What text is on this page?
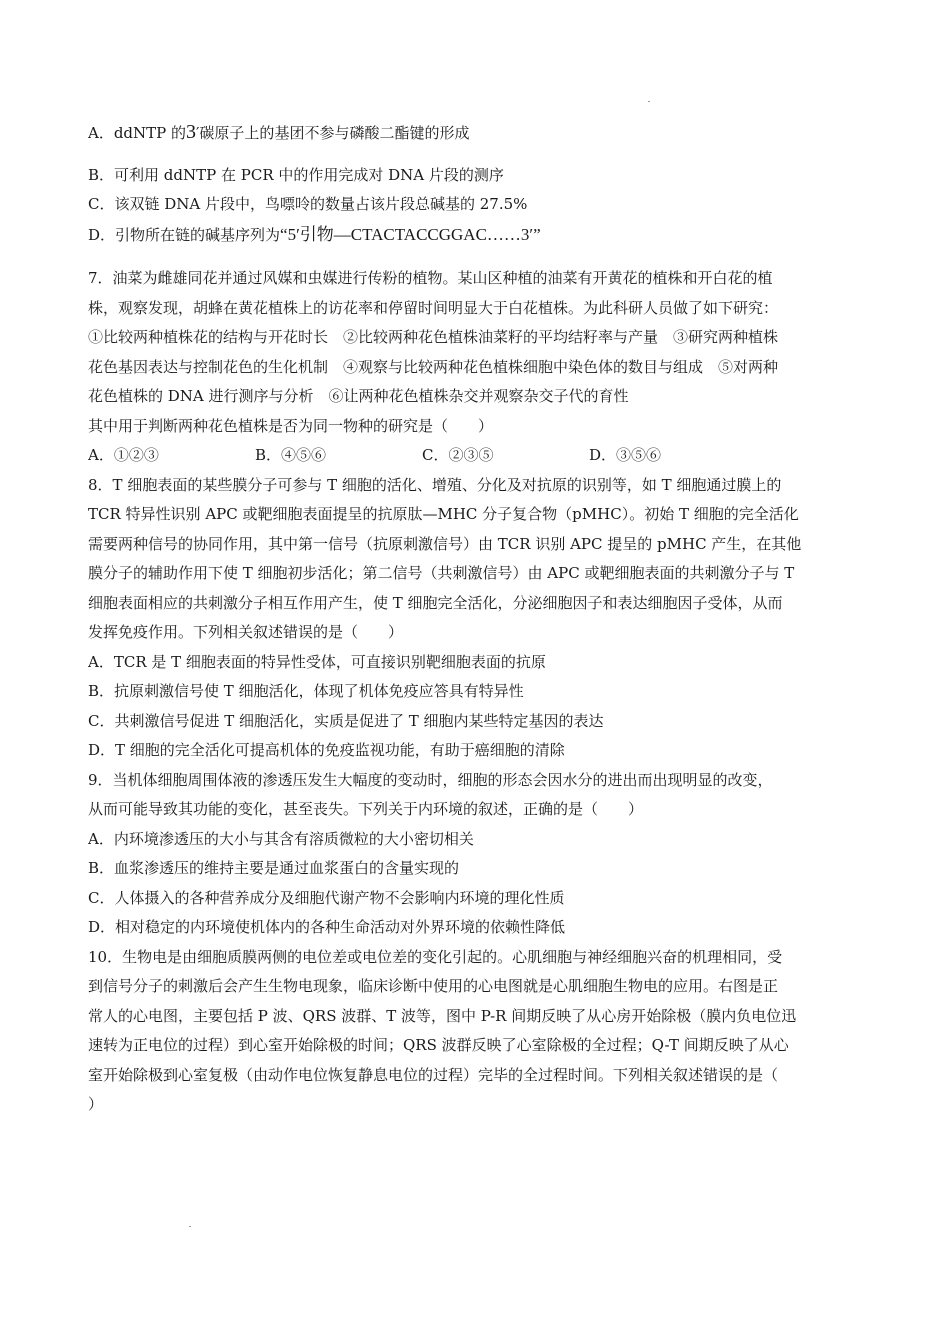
A．ddNTP 的3′碳原子上的基团不参与磷酸二酯键的形成
B．可利用 ddNTP 在 PCR 中的作用完成对 DNA 片段的测序
C．该双链 DNA 片段中，鸟嘌呤的数量占该片段总碱基的 27.5%
D．引物所在链的碱基序列为“5′引物—CTACTACCGGAC……3′”
7．油菜为雌雄同花并通过风媒和虫媒进行传粉的植物。某山区种植的油菜有开黄花的植株和开白花的植
株，观察发现，胡蜂在黄花植株上的访花率和停留时间明显大于白花植株。为此科研人员做了如下研究：
①比较两种植株花的结构与开花时长　②比较两种花色植株油菜籽的平均结籽率与产量　③研究两种植株
花色基因表达与控制花色的生化机制　④观察与比较两种花色植株细胞中染色体的数目与组成　⑤对两种
花色植株的 DNA 进行测序与分析　⑥让两种花色植株杂交并观察杂交子代的育性
其中用于判断两种花色植株是否为同一物种的研究是（　　）
A．①②③	B．④⑤⑥	C．②③⑤	D．③⑤⑥
8．T 细胞表面的某些膜分子可参与 T 细胞的活化、增殖、分化及对抗原的识别等，如 T 细胞通过膜上的
TCR 特异性识别 APC 或靶细胞表面提呈的抗原肽—MHC 分子复合物（pMHC）。初始 T 细胞的完全活化
需要两种信号的协同作用，其中第一信号（抗原刺激信号）由 TCR 识别 APC 提呈的 pMHC 产生，在其他
膜分子的辅助作用下使 T 细胞初步活化；第二信号（共刺激信号）由 APC 或靶细胞表面的共刺激分子与 T
细胞表面相应的共刺激分子相互作用产生，使 T 细胞完全活化，分泌细胞因子和表达细胞因子受体，从而
发挥免疫作用。下列相关叙述错误的是（　　）
A．TCR 是 T 细胞表面的特异性受体，可直接识别靶细胞表面的抗原
B．抗原刺激信号使 T 细胞活化，体现了机体免疫应答具有特异性
C．共刺激信号促进 T 细胞活化，实质是促进了 T 细胞内某些特定基因的表达
D．T 细胞的完全活化可提高机体的免疫监视功能，有助于癌细胞的清除
9．当机体细胞周围体液的渗透压发生大幅度的变动时，细胞的形态会因水分的进出而出现明显的改变，
从而可能导致其功能的变化，甚至丧失。下列关于内环境的叙述，正确的是（　　）
A．内环境渗透压的大小与其含有溶质微粒的大小密切相关
B．血浆渗透压的维持主要是通过血浆蛋白的含量实现的
C．人体摄入的各种营养成分及细胞代谢产物不会影响内环境的理化性质
D．相对稳定的内环境使机体内的各种生命活动对外界环境的依赖性降低
10．生物电是由细胞质膜两侧的电位差或电位差的变化引起的。心肌细胞与神经细胞兴奋的机理相同，受
到信号分子的刺激后会产生生物电现象，临床诊断中使用的心电图就是心肌细胞生物电的应用。右图是正
常人的心电图，主要包括 P 波、QRS 波群、T 波等，图中 P-R 间期反映了从心房开始除极（膜内负电位迅
速转为正电位的过程）到心室开始除极的时间；QRS 波群反映了心室除极的全过程；Q-T 间期反映了从心
室开始除极到心室复极（由动作电位恢复静息电位的过程）完毕的全过程时间。下列相关叙述错误的是（
）
